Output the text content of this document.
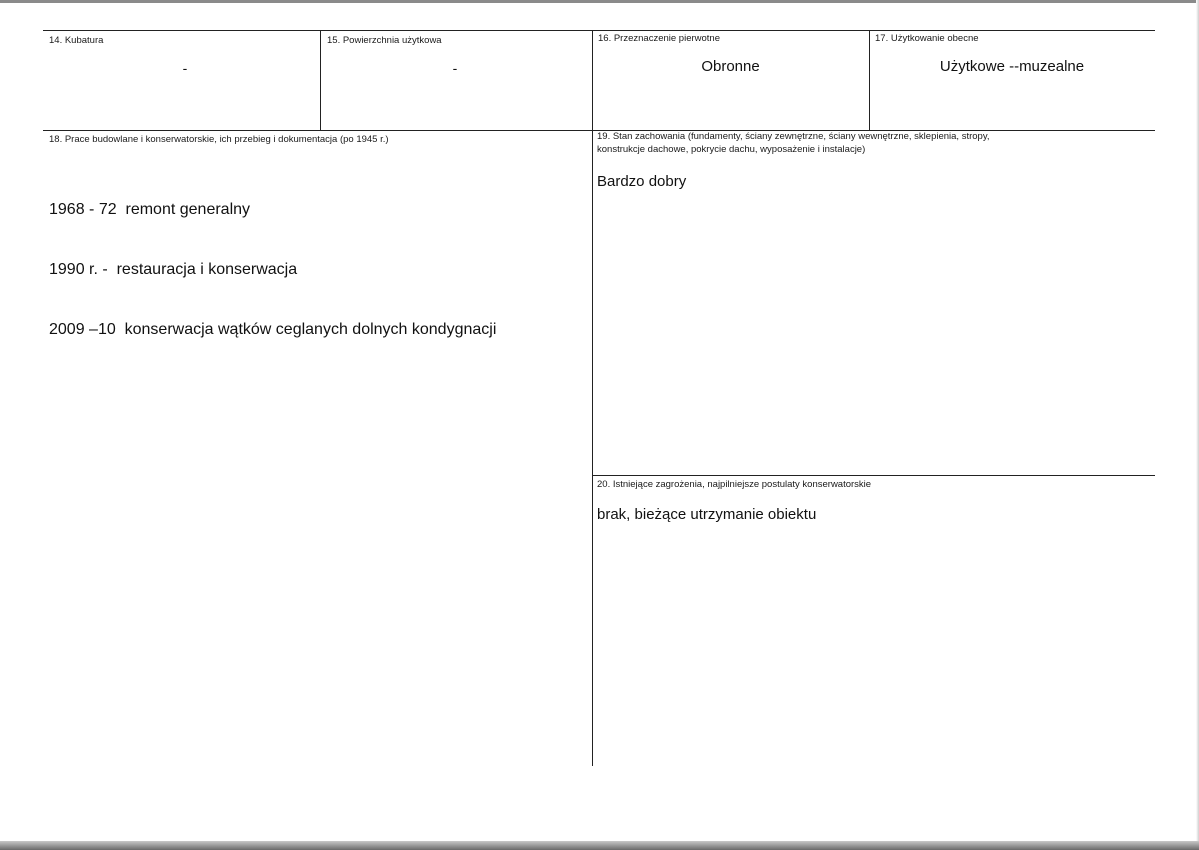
14. Kubatura
-
15. Powierzchnia użytkowa
-
16. Przeznaczenie pierwotne
Obronne
17. Użytkowanie obecne
Użytkowe --muzealne
18. Prace budowlane i konserwatorskie, ich przebieg i dokumentacja (po 1945 r.)

1968 - 72  remont generalny

1990 r. -  restauracja i konserwacja

2009 –10  konserwacja wątków ceglanych dolnych kondygnacji

19. Stan zachowania (fundamenty, ściany zewnętrzne, ściany wewnętrzne, sklepienia, stropy,
konstrukcje dachowe, pokrycie dachu, wyposażenie i instalacje)
Bardzo dobry
20. Istniejące zagrożenia, najpilniejsze postulaty konserwatorskie
brak, bieżące utrzymanie obiektu
